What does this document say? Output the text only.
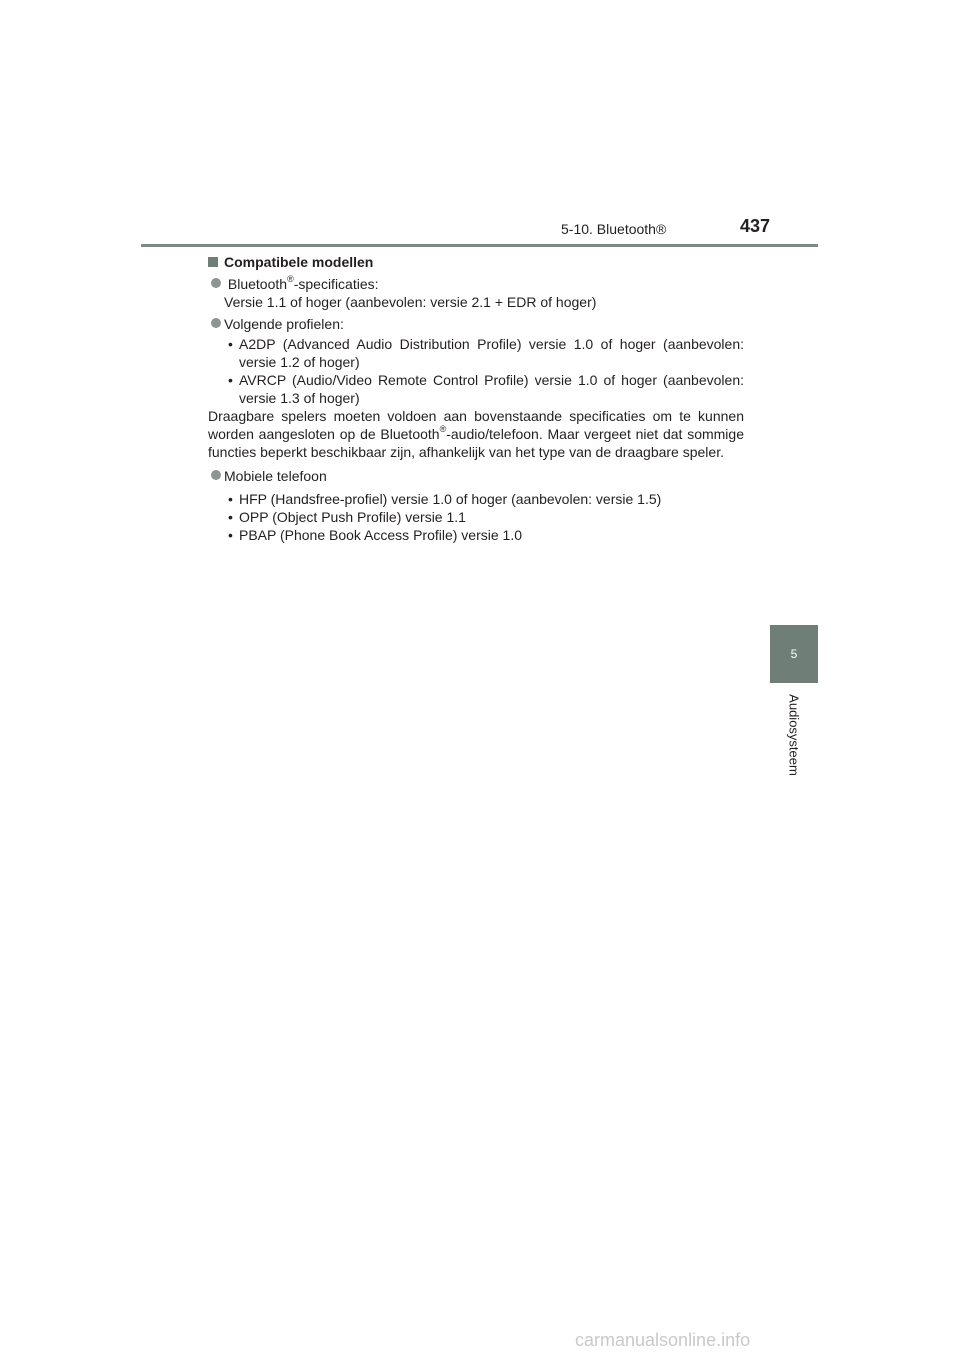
5-10. Bluetooth®	437
5
Audiosysteem
Compatibele modellen
Bluetooth®-specificaties:
Versie 1.1 of hoger (aanbevolen: versie 2.1 + EDR of hoger)
Volgende profielen:
• A2DP (Advanced Audio Distribution Profile) versie 1.0 of hoger (aanbevolen: versie 1.2 of hoger)
• AVRCP (Audio/Video Remote Control Profile) versie 1.0 of hoger (aanbevolen: versie 1.3 of hoger)

Draagbare spelers moeten voldoen aan bovenstaande specificaties om te kunnen worden aangesloten op de Bluetooth®-audio/telefoon. Maar vergeet niet dat sommige functies beperkt beschikbaar zijn, afhankelijk van het type van de draagbare speler.

Mobiele telefoon
• HFP (Handsfree-profiel) versie 1.0 of hoger (aanbevolen: versie 1.5)
• OPP (Object Push Profile) versie 1.1
• PBAP (Phone Book Access Profile) versie 1.0
carmanualsonline.info
